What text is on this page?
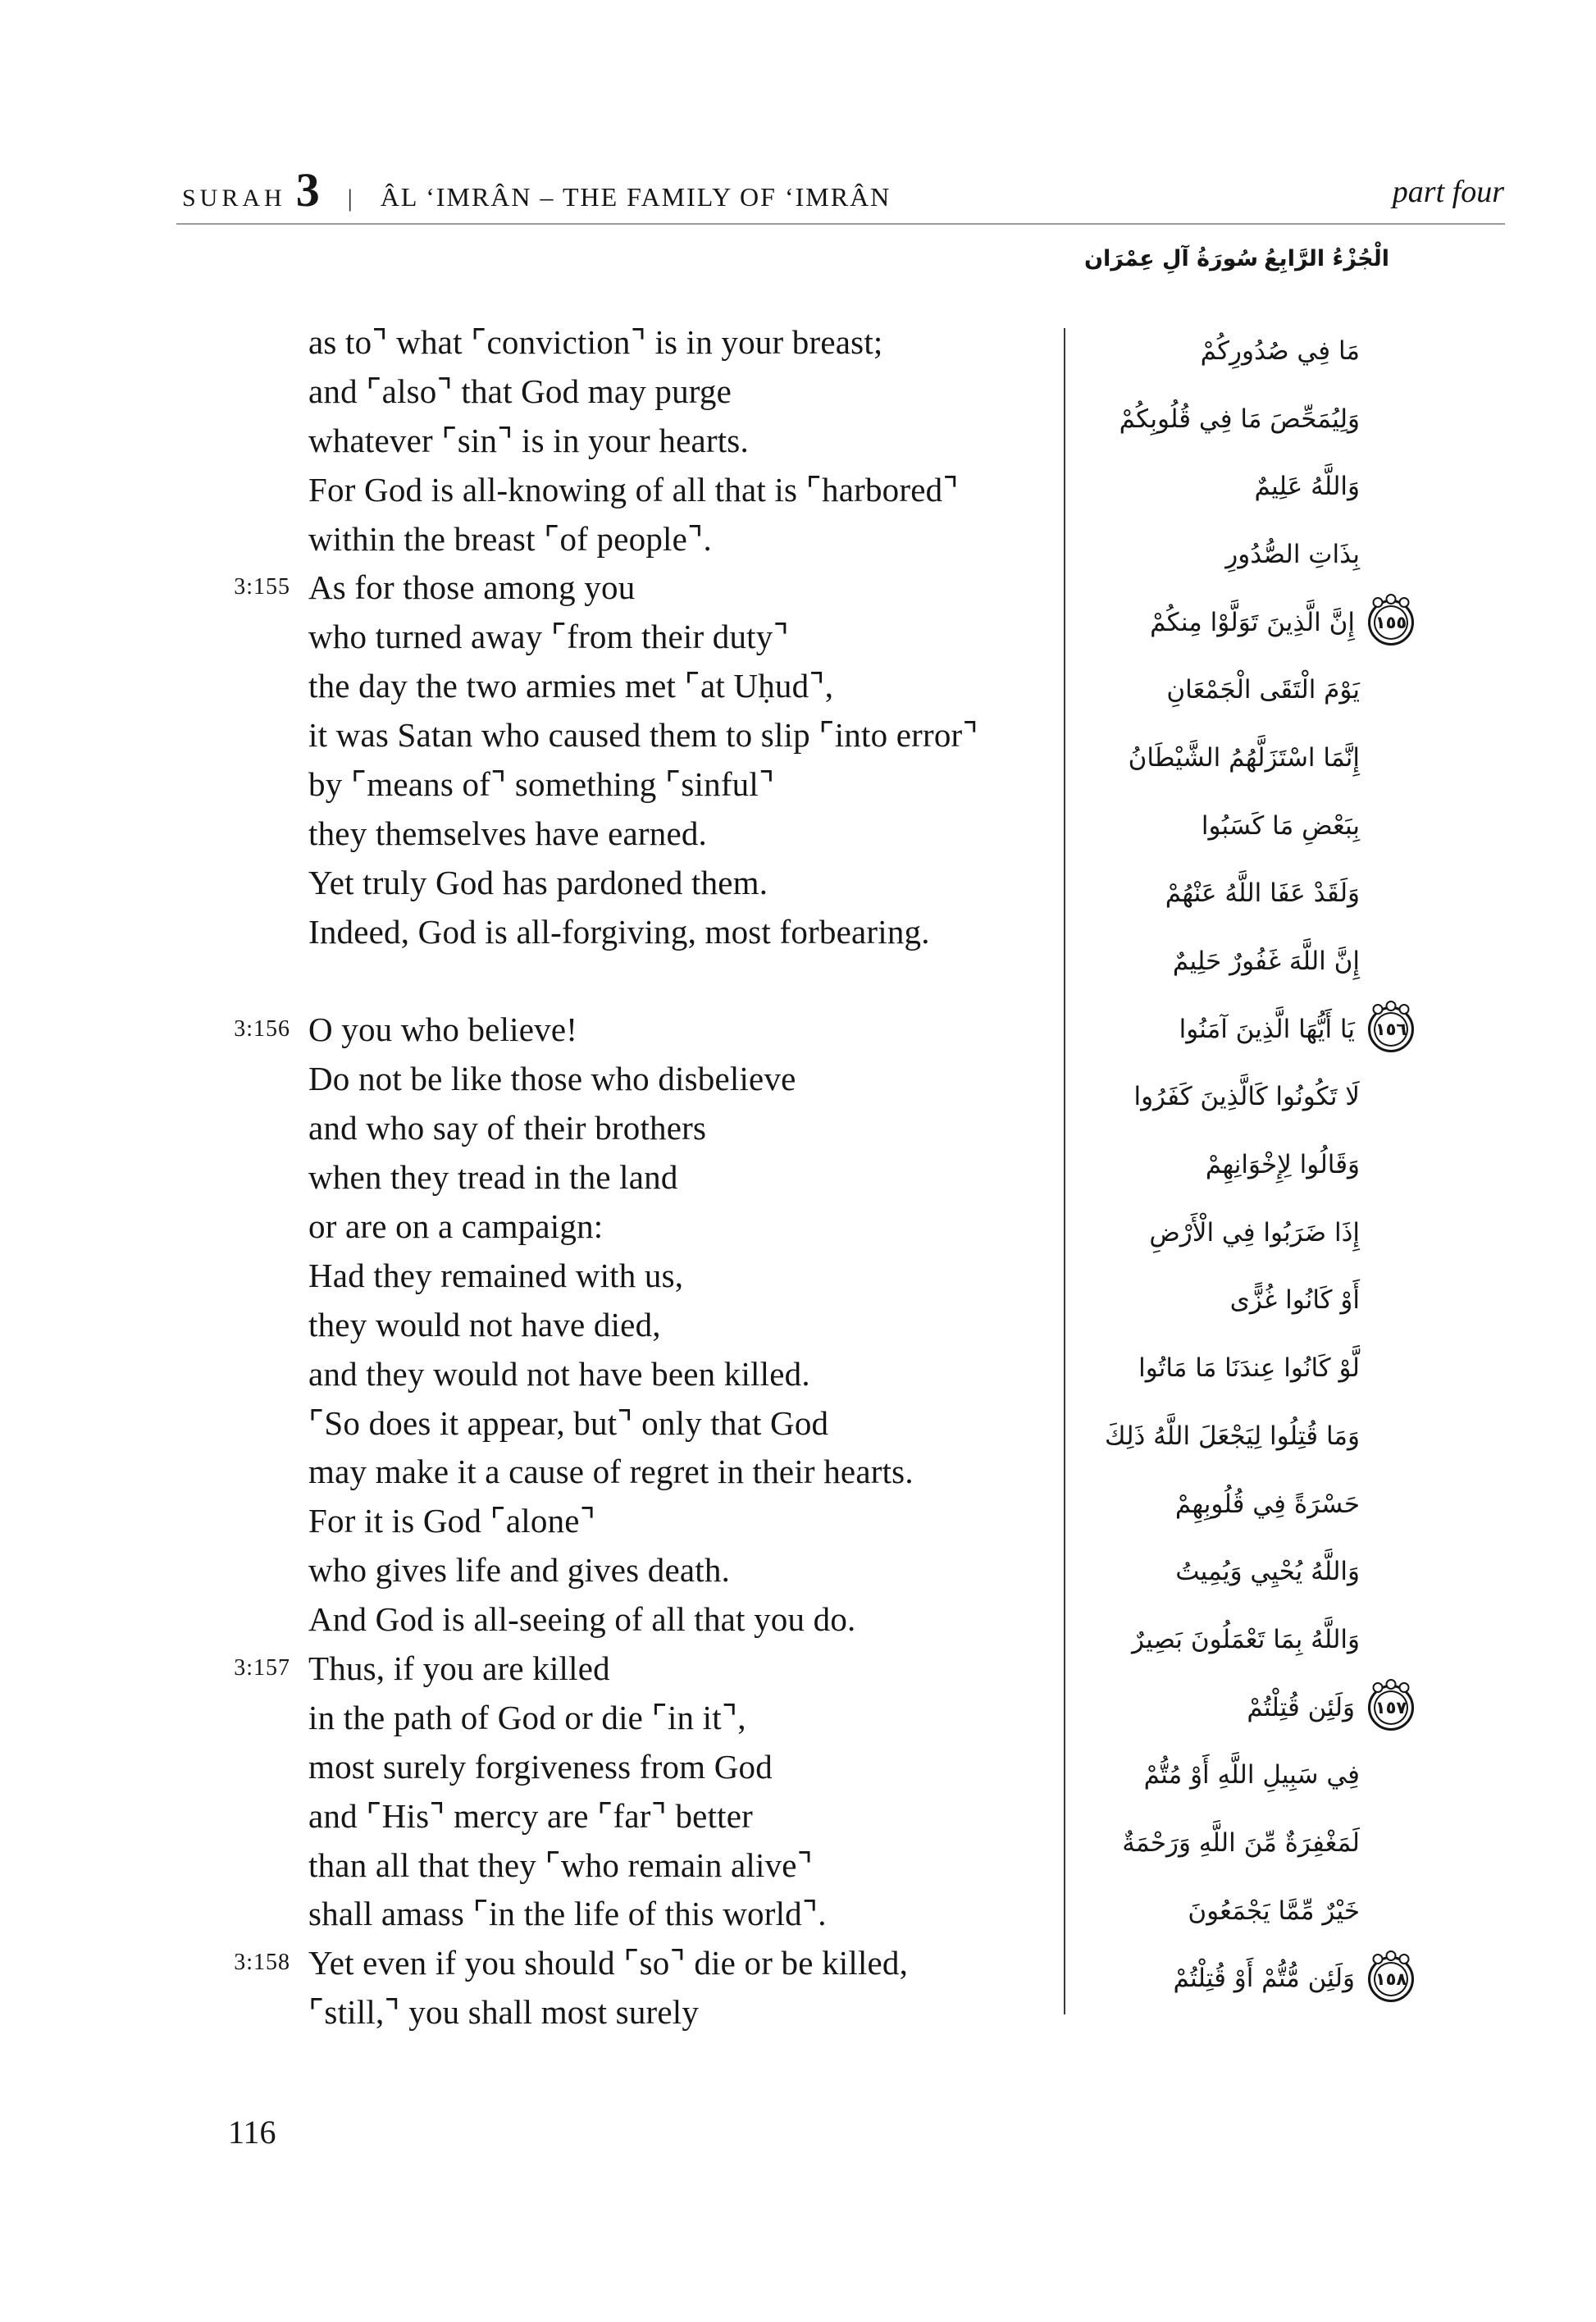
SURAH 3 | ÂL ‘IMRÂN – THE FAMILY OF ‘IMRÂN	part four
سُورَةُ آلِ عِمْرَان الْجُزْءُ الرَّابِعُ
as to⌝ what ⌜conviction⌝ is in your breast;
and ⌜also⌝ that God may purge
whatever ⌜sin⌝ is in your hearts.
For God is all-knowing of all that is ⌜harbored⌝
within the breast ⌜of people⌝.
3:155 As for those among you
who turned away ⌜from their duty⌝
the day the two armies met ⌜at Uḥud⌝,
it was Satan who caused them to slip ⌜into error⌝
by ⌜means of⌝ something ⌜sinful⌝
they themselves have earned.
Yet truly God has pardoned them.
Indeed, God is all-forgiving, most forbearing.
3:156 O you who believe!
Do not be like those who disbelieve
and who say of their brothers
when they tread in the land
or are on a campaign:
Had they remained with us,
they would not have died,
and they would not have been killed.
⌜So does it appear, but⌝ only that God
may make it a cause of regret in their hearts.
For it is God ⌜alone⌝
who gives life and gives death.
And God is all-seeing of all that you do.
3:157 Thus, if you are killed
in the path of God or die ⌜in it⌝,
most surely forgiveness from God
and ⌜His⌝ mercy are ⌜far⌝ better
than all that they ⌜who remain alive⌝
shall amass ⌜in the life of this world⌝.
3:158 Yet even if you should ⌜so⌝ die or be killed,
⌜still,⌝ you shall most surely
مَا فِي صُدُورِكُمْ
وَلِيُمَحِّصَ مَا فِي قُلُوبِكُمْ
وَاللَّهُ عَلِيمٌ
بِذَاتِ الصُّدُورِ
١٥٥
إِنَّ الَّذِينَ تَوَلَّوْا مِنكُمْ
يَوْمَ الْتَقَى الْجَمْعَانِ
إِنَّمَا اسْتَزَلَّهُمُ الشَّيْطَانُ
بِبَعْضِ مَا كَسَبُوا
وَلَقَدْ عَفَا اللَّهُ عَنْهُمْ
إِنَّ اللَّهَ غَفُورٌ حَلِيمٌ
١٥٦
يَا أَيُّهَا الَّذِينَ آمَنُوا
لَا تَكُونُوا كَالَّذِينَ كَفَرُوا
وَقَالُوا لِإِخْوَانِهِمْ
إِذَا ضَرَبُوا فِي الْأَرْضِ
أَوْ كَانُوا غُزًّى
لَّوْ كَانُوا عِندَنَا مَا مَاتُوا
وَمَا قُتِلُوا لِيَجْعَلَ اللَّهُ ذَلِكَ
حَسْرَةً فِي قُلُوبِهِمْ
وَاللَّهُ يُحْيِي وَيُمِيتُ
وَاللَّهُ بِمَا تَعْمَلُونَ بَصِيرٌ
١٥٧
وَلَئِن قُتِلْتُمْ
فِي سَبِيلِ اللَّهِ أَوْ مُتُّمْ
لَمَغْفِرَةٌ مِّنَ اللَّهِ وَرَحْمَةٌ
خَيْرٌ مِّمَّا يَجْمَعُونَ
١٥٨
وَلَئِن مُّتُّمْ أَوْ قُتِلْتُمْ
116
